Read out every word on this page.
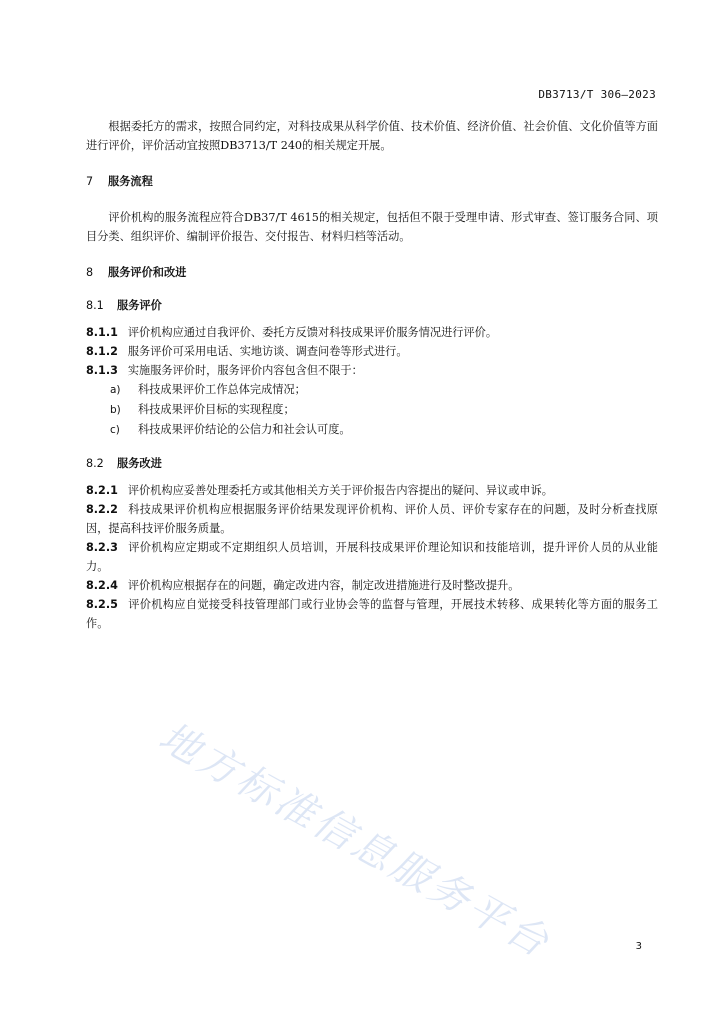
DB3713/T 306—2023

根据委托方的需求，按照合同约定，对科技成果从科学价值、技术价值、经济价值、社会价值、文化价值等方面进行评价，评价活动宜按照DB3713/T 240的相关规定开展。

7 服务流程

评价机构的服务流程应符合DB37/T 4615的相关规定，包括但不限于受理申请、形式审查、签订服务合同、项目分类、组织评价、编制评价报告、交付报告、材料归档等活动。

8 服务评价和改进

8.1 服务评价

8.1.1 评价机构应通过自我评价、委托方反馈对科技成果评价服务情况进行评价。

8.1.2 服务评价可采用电话、实地访谈、调查问卷等形式进行。

8.1.3 实施服务评价时，服务评价内容包含但不限于：

a) 科技成果评价工作总体完成情况；

b) 科技成果评价目标的实现程度；

c) 科技成果评价结论的公信力和社会认可度。

8.2 服务改进

8.2.1 评价机构应妥善处理委托方或其他相关方关于评价报告内容提出的疑问、异议或申诉。

8.2.2 科技成果评价机构应根据服务评价结果发现评价机构、评价人员、评价专家存在的问题，及时分析查找原因，提高科技评价服务质量。

8.2.3 评价机构应定期或不定期组织人员培训，开展科技成果评价理论知识和技能培训，提升评价人员的从业能力。

8.2.4 评价机构应根据存在的问题，确定改进内容，制定改进措施进行及时整改提升。

8.2.5 评价机构应自觉接受科技管理部门或行业协会等的监督与管理，开展技术转移、成果转化等方面的服务工作。

地方标准信息服务平台	3
